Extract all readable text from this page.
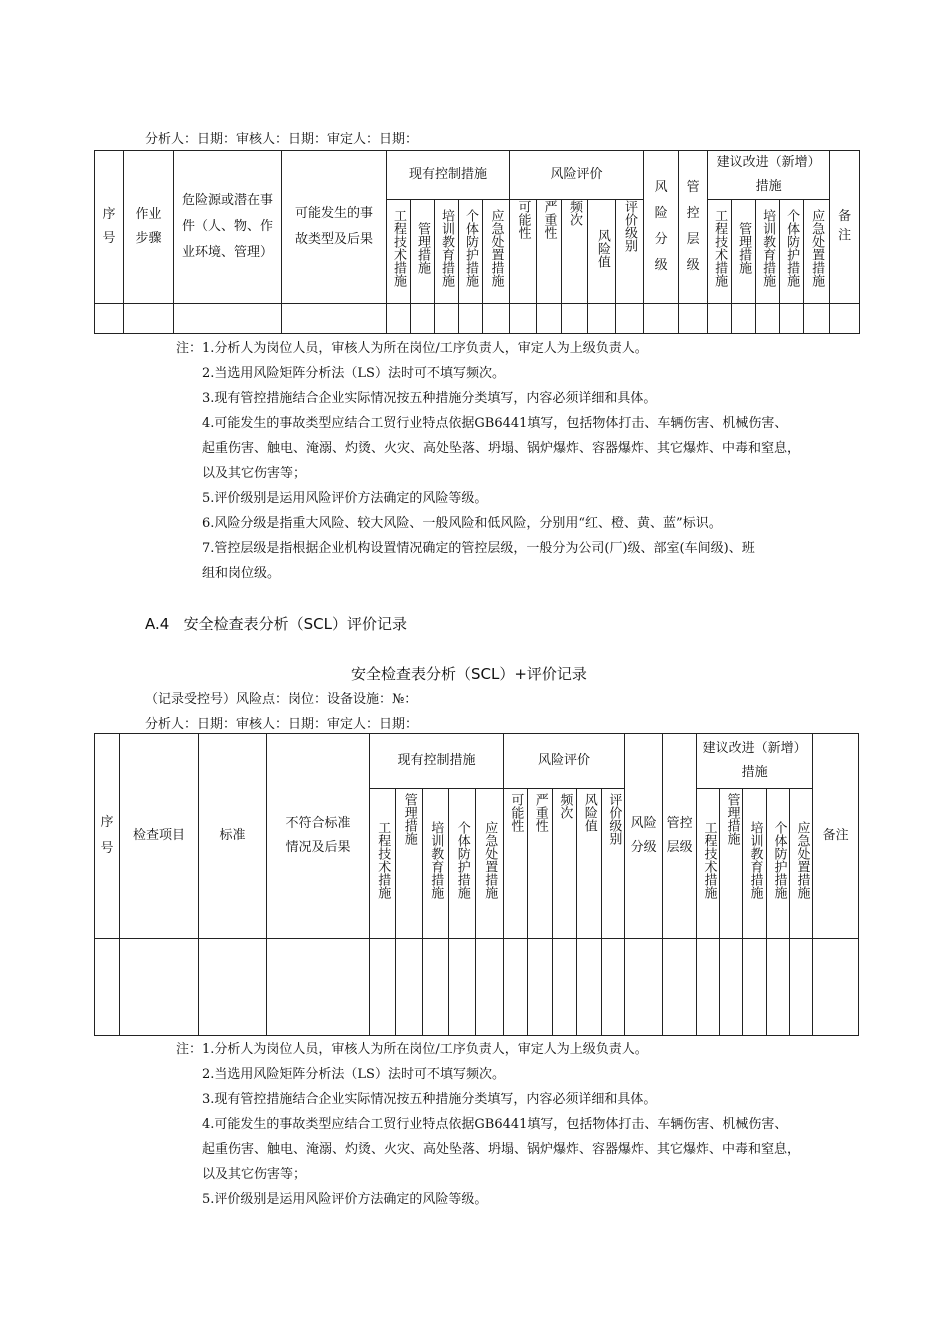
分析人：日期：审核人：日期：审定人：日期：
序号	作业步骤	危险源或潜在事件（人、物、作业环境、管理）	可能发生的事故类型及后果	现有控制措施					风险评价					风险分级	管控层级	建议改进（新增）措施					备注

				工程技术措施	管理措施	培训教育措施	个体防护措施	应急处置措施	可能性	严重性	频次	风险值	评价级别			工程技术措施	管理措施	培训教育措施	个体防护措施	应急处置措施	

注：1.分析人为岗位人员，审核人为所在岗位/工序负责人，审定人为上级负责人。
2.当选用风险矩阵分析法（LS）法时可不填写频次。
3.现有管控措施结合企业实际情况按五种措施分类填写，内容必须详细和具体。
4.可能发生的事故类型应结合工贸行业特点依据GB6441填写，包括物体打击、车辆伤害、机械伤害、
起重伤害、触电、淹溺、灼烫、火灾、高处坠落、坍塌、锅炉爆炸、容器爆炸、其它爆炸、中毒和窒息，
以及其它伤害等；
5.评价级别是运用风险评价方法确定的风险等级。
6.风险分级是指重大风险、较大风险、一般风险和低风险，分别用“红、橙、黄、蓝”标识。
7.管控层级是指根据企业机构设置情况确定的管控层级，一般分为公司(厂)级、部室(车间级)、班
组和岗位级。
A.4 安全检查表分析（SCL）评价记录
安全检查表分析（SCL）+评价记录
（记录受控号）风险点：岗位：设备设施：№：
分析人：日期：审核人：日期：审定人：日期：
序号	检查项目	标准	不符合标准情况及后果	现有控制措施					风险评价					风险分级	管控层级	建议改进（新增）措施					备注
				工程技术措施	管理措施	培训教育措施	个体防护措施	应急处置措施	可能性	严重性	频次	风险值	评价级别			工程技术措施	管理措施	培训教育措施	个体防护措施	应急处置措施	

注：1.分析人为岗位人员，审核人为所在岗位/工序负责人，审定人为上级负责人。
2.当选用风险矩阵分析法（LS）法时可不填写频次。
3.现有管控措施结合企业实际情况按五种措施分类填写，内容必须详细和具体。
4.可能发生的事故类型应结合工贸行业特点依据GB6441填写，包括物体打击、车辆伤害、机械伤害、
起重伤害、触电、淹溺、灼烫、火灾、高处坠落、坍塌、锅炉爆炸、容器爆炸、其它爆炸、中毒和窒息，
以及其它伤害等；
5.评价级别是运用风险评价方法确定的风险等级。
